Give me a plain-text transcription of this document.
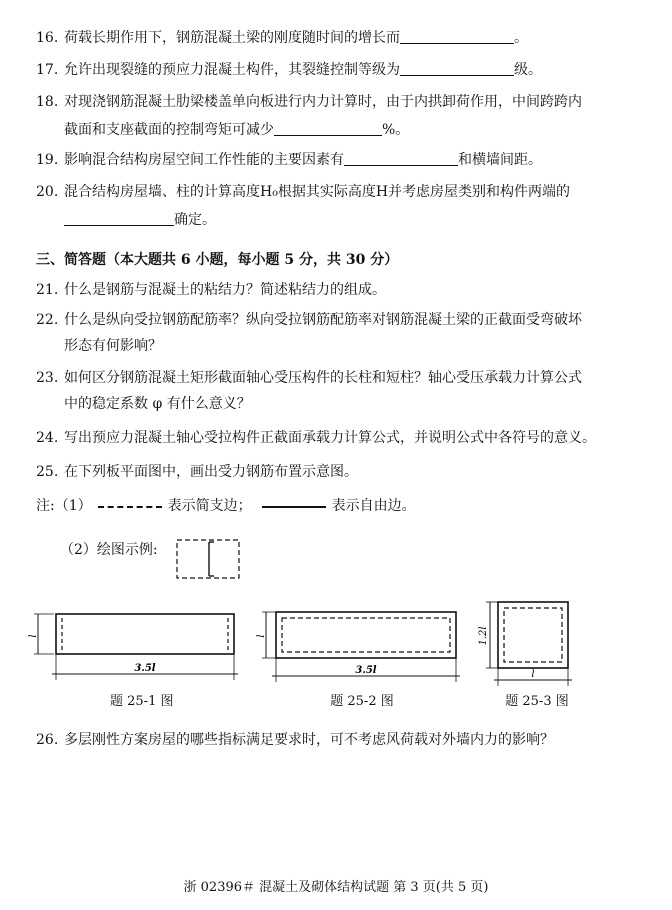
16. 荷载长期作用下，钢筋混凝土梁的刚度随时间的增长而	。
17. 允许出现裂缝的预应力混凝土构件，其裂缝控制等级为	级。
18. 对现浇钢筋混凝土肋梁楼盖单向板进行内力计算时，由于内拱卸荷作用，中间跨跨内
截面和支座截面的控制弯矩可减少	%。
19. 影响混合结构房屋空间工作性能的主要因素有	和横墙间距。
20. 混合结构房屋墙、柱的计算高度H₀根据其实际高度H并考虑房屋类别和构件两端的
确定。
三、简答题（本大题共 6 小题，每小题 5 分，共 30 分）
21. 什么是钢筋与混凝土的粘结力？简述粘结力的组成。
22. 什么是纵向受拉钢筋配筋率？纵向受拉钢筋配筋率对钢筋混凝土梁的正截面受弯破坏
形态有何影响？
23. 如何区分钢筋混凝土矩形截面轴心受压构件的长柱和短柱？轴心受压承载力计算公式
中的稳定系数 φ 有什么意义？
24. 写出预应力混凝土轴心受拉构件正截面承载力计算公式，并说明公式中各符号的意义。
25. 在下列板平面图中，画出受力钢筋布置示意图。
注:（1）	表示简支边；	表示自由边。
（2）绘图示例:
l
3.5l
题 25-1 图
l
3.5l
题 25-2 图
1.2l
l
题 25-3 图
26. 多层刚性方案房屋的哪些指标满足要求时，可不考虑风荷载对外墙内力的影响？
浙 02396＃ 混凝土及砌体结构试题 第 3 页(共 5 页)
